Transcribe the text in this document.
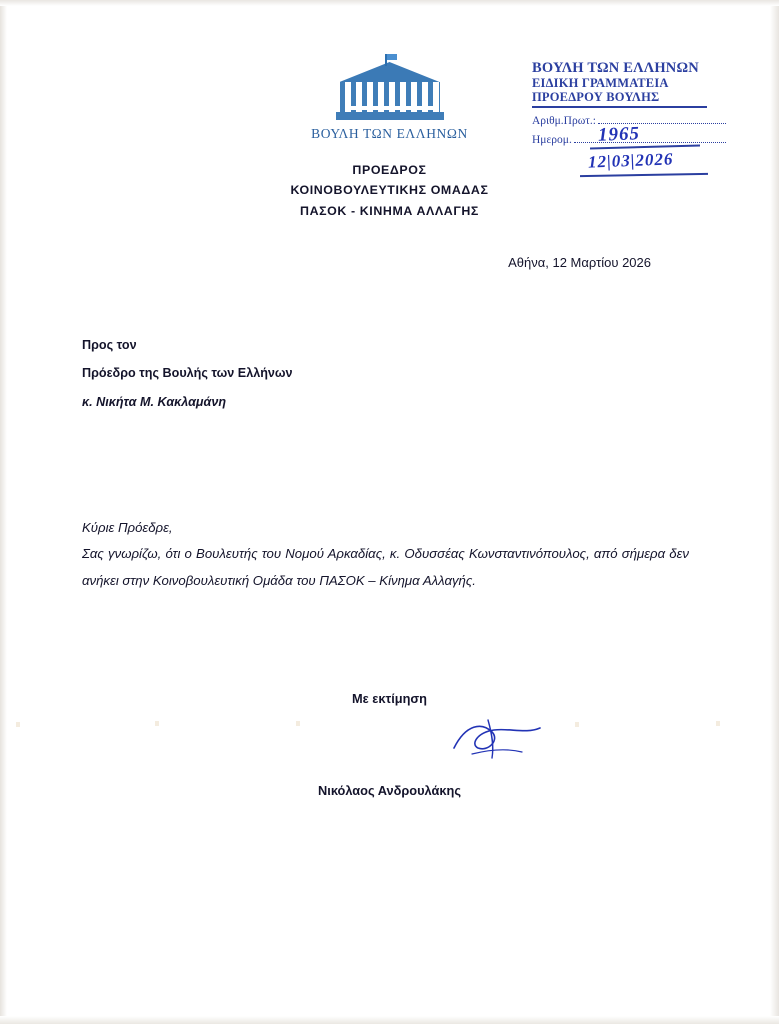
ΒΟΥΛΗ ΤΩΝ ΕΛΛΗΝΩΝ
ΒΟΥΛΗ ΤΩΝ ΕΛΛΗΝΩΝ
ΕΙΔΙΚΗ ΓΡΑΜΜΑΤΕΙΑ
ΠΡΟΕΔΡΟΥ ΒΟΥΛΗΣ
Αριθμ.Πρωτ.:
Ημερομ. 1965
12|03|2026
ΠΡΟΕΔΡΟΣ
ΚΟΙΝΟΒΟΥΛΕΥΤΙΚΗΣ ΟΜΑΔΑΣ
ΠΑΣΟΚ - ΚΙΝΗΜΑ ΑΛΛΑΓΗΣ
Αθήνα, 12 Μαρτίου 2026
Προς τον
Πρόεδρο της Βουλής των Ελλήνων
κ. Νικήτα Μ. Κακλαμάνη

Κύριε Πρόεδρε,

Σας γνωρίζω, ότι ο Βουλευτής του Νομού Αρκαδίας, κ. Οδυσσέας Κωνσταντινόπουλος, από σήμερα δεν ανήκει στην Κοινοβουλευτική Ομάδα του ΠΑΣΟΚ – Κίνημα Αλλαγής.

Με εκτίμηση
Νικόλαος Ανδρουλάκης
